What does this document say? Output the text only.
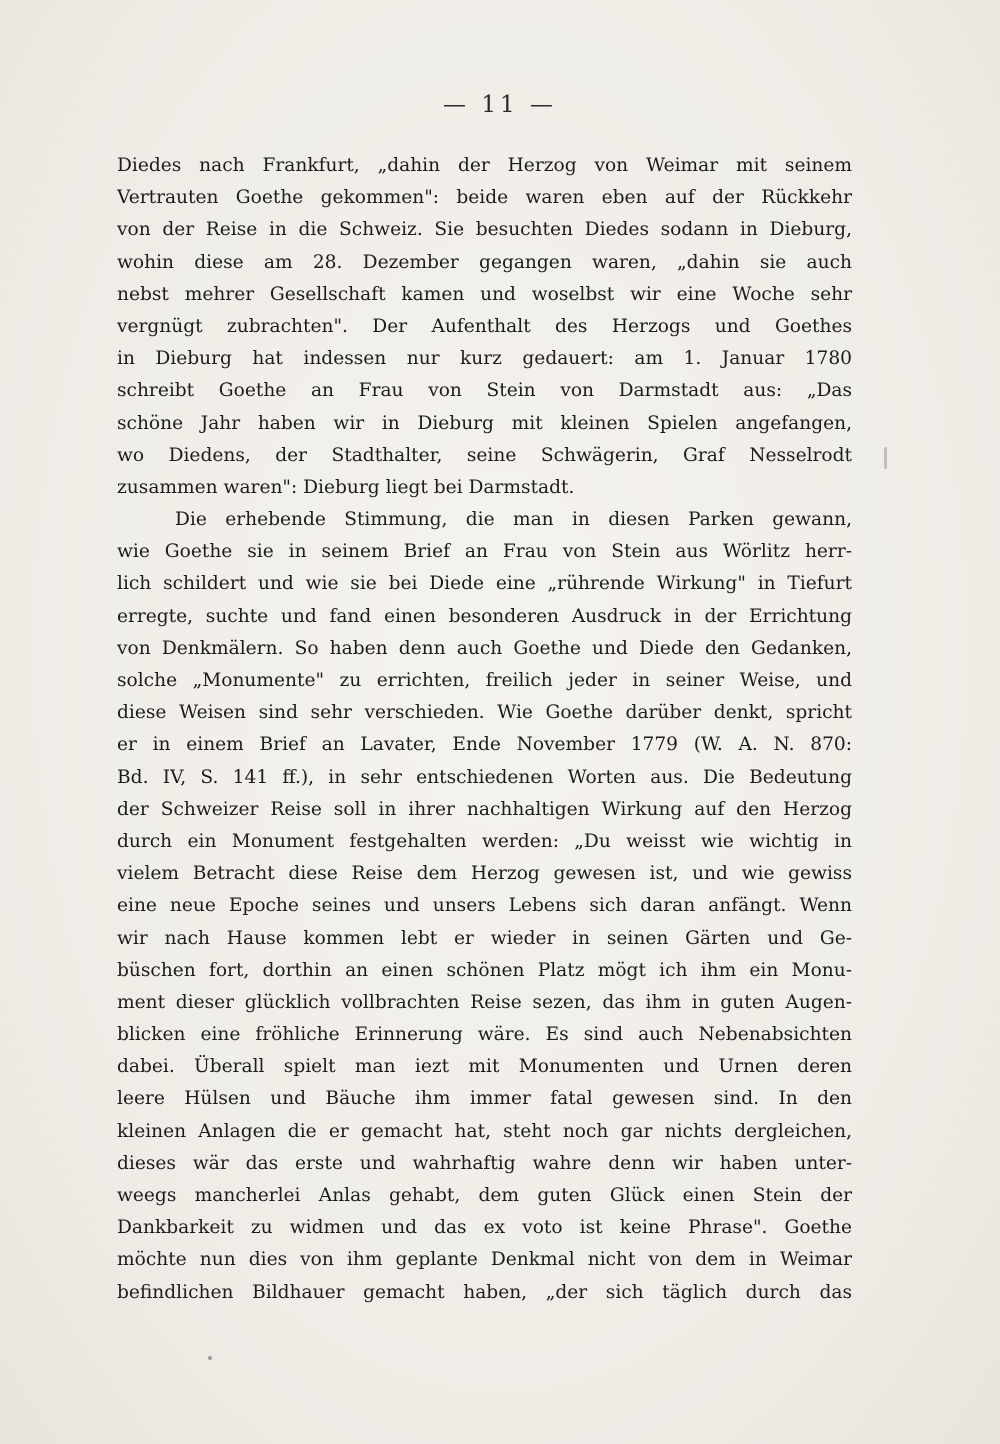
— 11 —
Diedes nach Frankfurt, „dahin der Herzog von Weimar mit seinem
Vertrauten Goethe gekommen": beide waren eben auf der Rückkehr
von der Reise in die Schweiz. Sie besuchten Diedes sodann in Dieburg,
wohin diese am 28. Dezember gegangen waren, „dahin sie auch
nebst mehrer Gesellschaft kamen und woselbst wir eine Woche sehr
vergnügt zubrachten". Der Aufenthalt des Herzogs und Goethes
in Dieburg hat indessen nur kurz gedauert: am 1. Januar 1780
schreibt Goethe an Frau von Stein von Darmstadt aus: „Das
schöne Jahr haben wir in Dieburg mit kleinen Spielen angefangen,
wo Diedens, der Stadthalter, seine Schwägerin, Graf Nesselrodt
zusammen waren": Dieburg liegt bei Darmstadt.
Die erhebende Stimmung, die man in diesen Parken gewann,
wie Goethe sie in seinem Brief an Frau von Stein aus Wörlitz herr-
lich schildert und wie sie bei Diede eine „rührende Wirkung" in Tiefurt
erregte, suchte und fand einen besonderen Ausdruck in der Errichtung
von Denkmälern. So haben denn auch Goethe und Diede den Gedanken,
solche „Monumente" zu errichten, freilich jeder in seiner Weise, und
diese Weisen sind sehr verschieden. Wie Goethe darüber denkt, spricht
er in einem Brief an Lavater, Ende November 1779 (W. A. N. 870:
Bd. IV, S. 141 ff.), in sehr entschiedenen Worten aus. Die Bedeutung
der Schweizer Reise soll in ihrer nachhaltigen Wirkung auf den Herzog
durch ein Monument festgehalten werden: „Du weisst wie wichtig in
vielem Betracht diese Reise dem Herzog gewesen ist, und wie gewiss
eine neue Epoche seines und unsers Lebens sich daran anfängt. Wenn
wir nach Hause kommen lebt er wieder in seinen Gärten und Ge-
büschen fort, dorthin an einen schönen Platz mögt ich ihm ein Monu-
ment dieser glücklich vollbrachten Reise sezen, das ihm in guten Augen-
blicken eine fröhliche Erinnerung wäre. Es sind auch Nebenabsichten
dabei. Überall spielt man iezt mit Monumenten und Urnen deren
leere Hülsen und Bäuche ihm immer fatal gewesen sind. In den
kleinen Anlagen die er gemacht hat, steht noch gar nichts dergleichen,
dieses wär das erste und wahrhaftig wahre denn wir haben unter-
weegs mancherlei Anlas gehabt, dem guten Glück einen Stein der
Dankbarkeit zu widmen und das ex voto ist keine Phrase". Goethe
möchte nun dies von ihm geplante Denkmal nicht von dem in Weimar
befindlichen Bildhauer gemacht haben, „der sich täglich durch das
